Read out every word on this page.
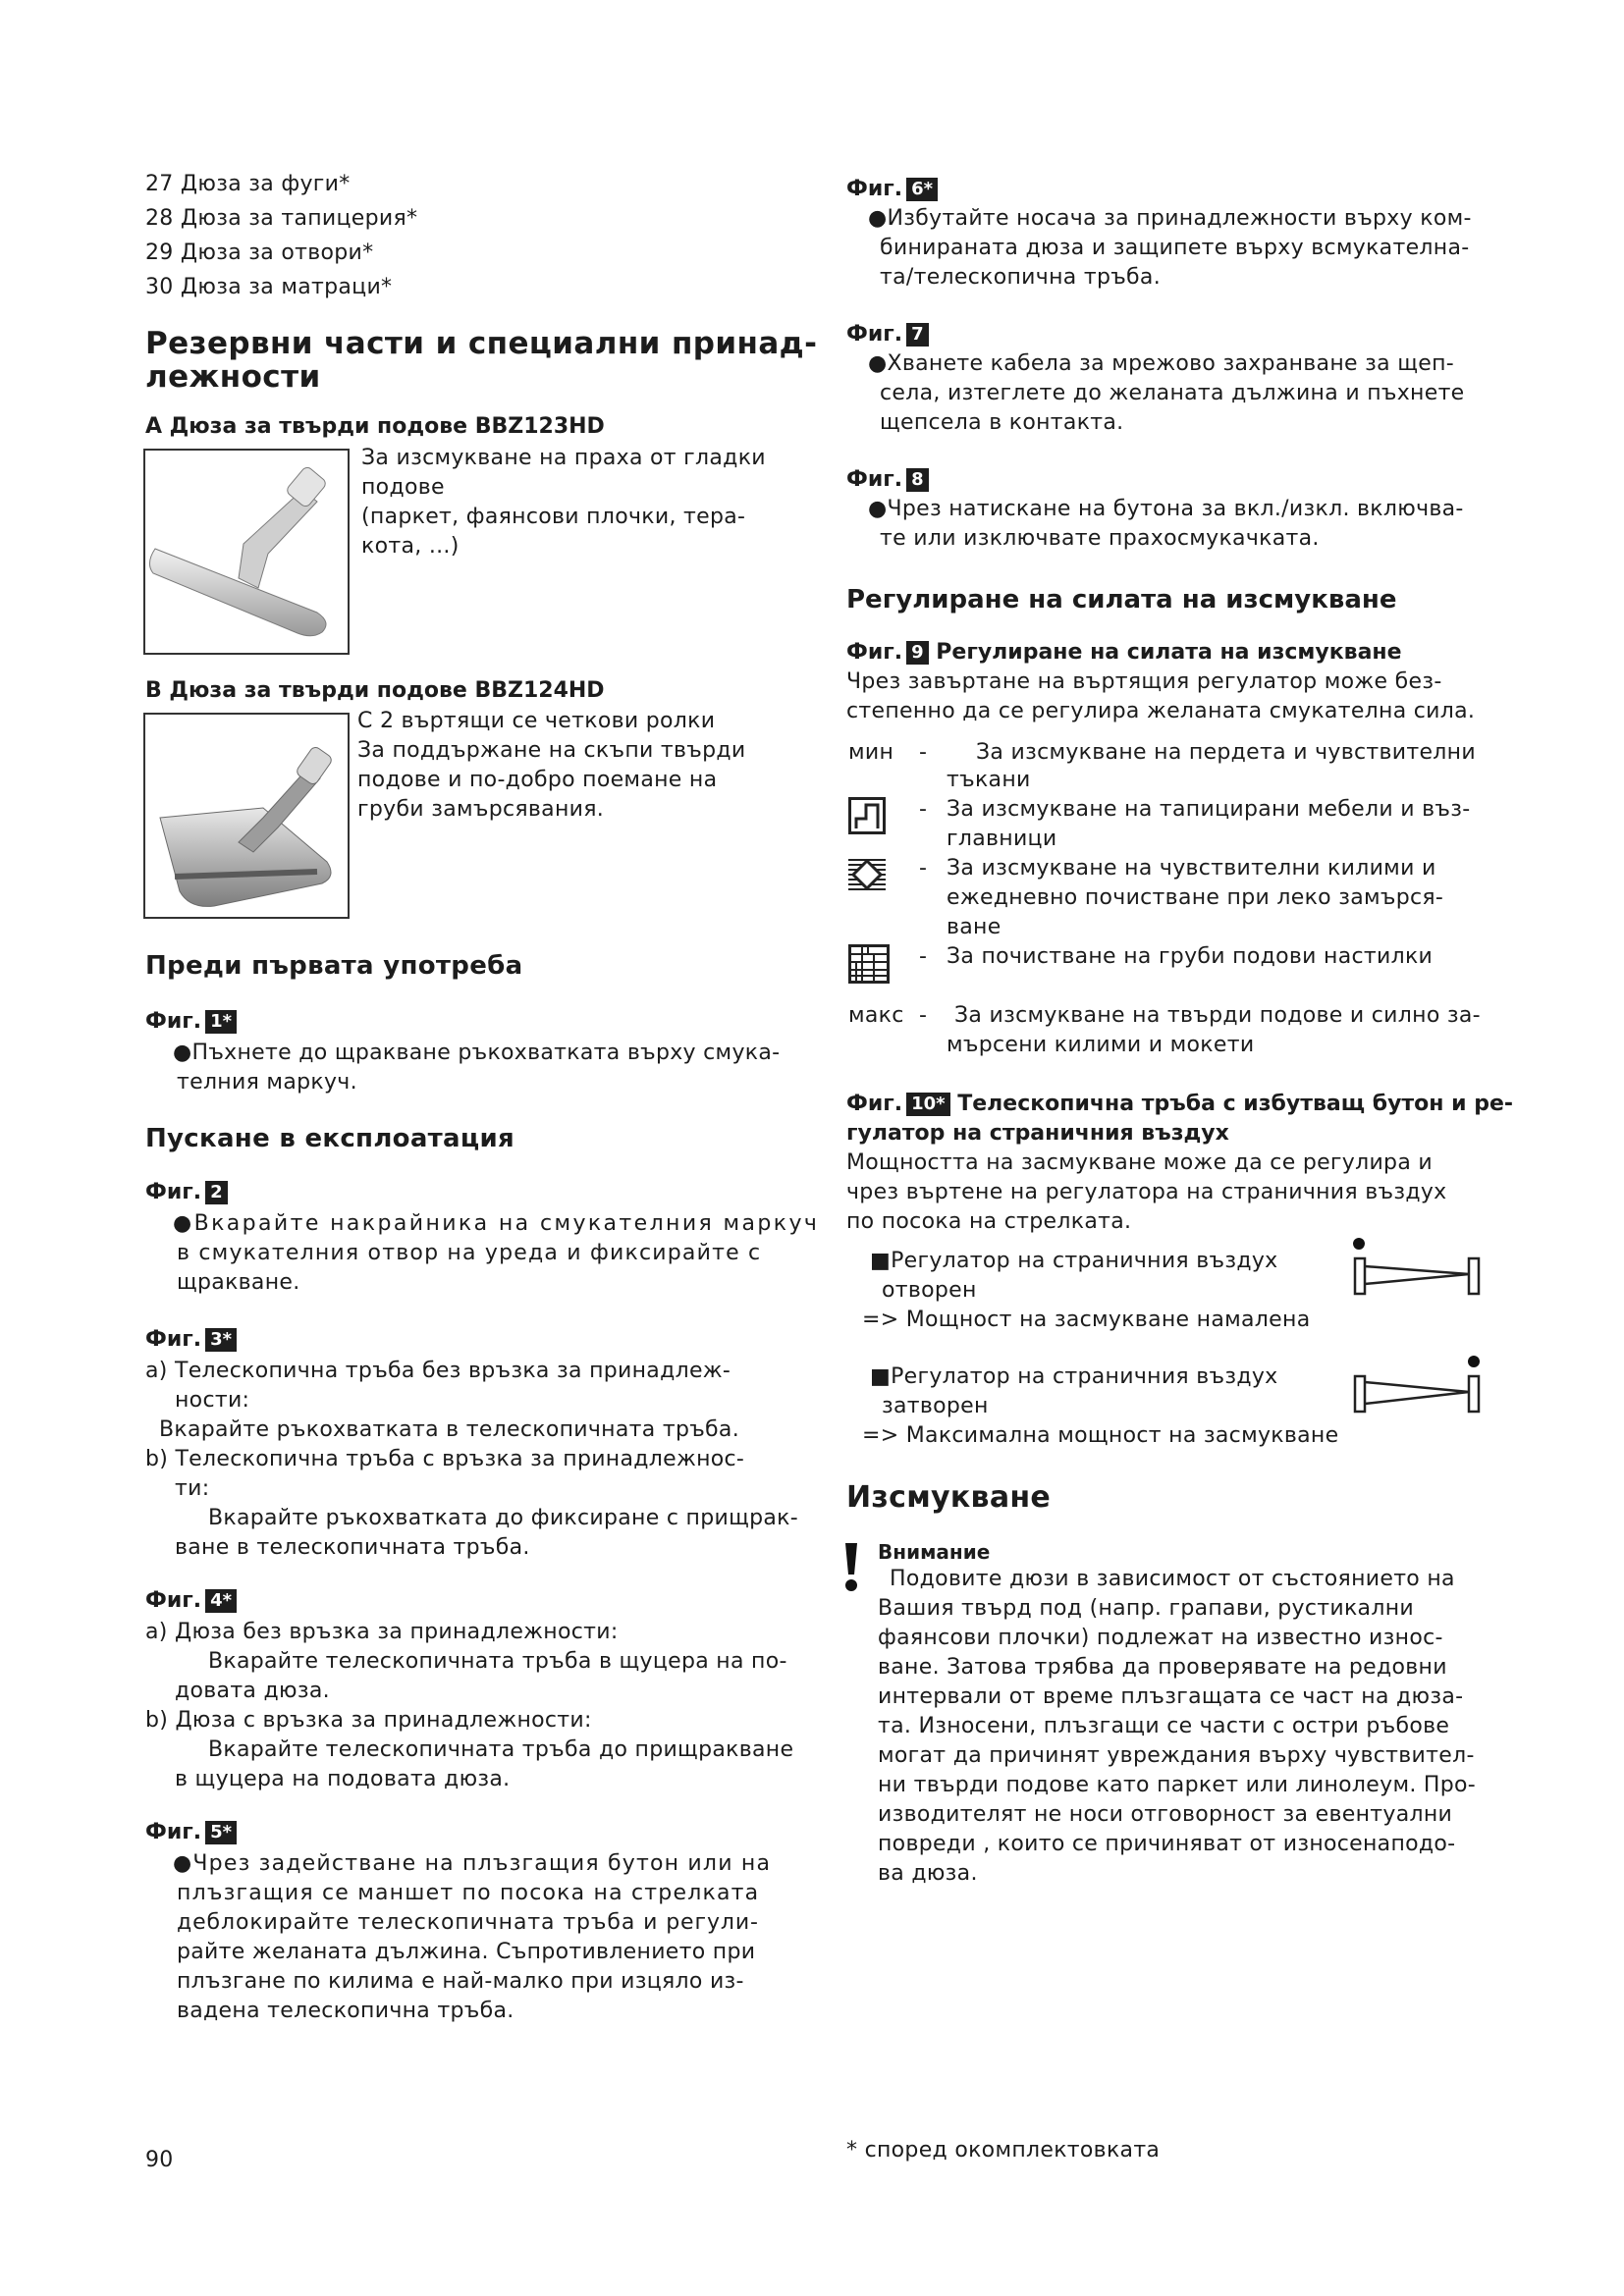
27 Дюза за фуги*

28 Дюза за тапицерия*

29 Дюза за отвори*

30 Дюза за матраци*

Резервни части и специални принад-

лежности

A Дюза за твърди подове BBZ123HD

За изсмукване на праха от гладки

подове

(паркет, фаянсови плочки, тера-

кота, ...)

B Дюза за твърди подове BBZ124HD

С 2 въртящи се четкови ролки

За поддържане на скъпи твърди

подове и по-добро поемане на

груби замърсявания.

Преди първата употреба

Фиг. 1*

●Пъхнете до щракване ръкохватката върху смука-

телния маркуч.

Пускане в експлоатация

Фиг. 2

●Вкарайте накрайника на смукателния маркуч

в смукателния отвор на уреда и фиксирайте с

щракване.

Фиг. 3*

a) Телескопична тръба без връзка за принадлеж-

ности:

Вкарайте ръкохватката в телескопичната тръба.

b) Телескопична тръба с връзка за принадлежнос-

ти:

Вкарайте ръкохватката до фиксиране с прищрак-

ване в телескопичната тръба.

Фиг. 4*

a) Дюза без връзка за принадлежности:

Вкарайте телескопичната тръба в щуцера на по-

довата дюза.

b) Дюза с връзка за принадлежности:

Вкарайте телескопичната тръба до прищракване

в щуцера на подовата дюза.

Фиг. 5*

●Чрез задействане на плъзгащия бутон или на

плъзгащия се маншет по посока на стрелката

деблокирайте телескопичната тръба и регули-

райте желаната дължина. Съпротивлението при

плъзгане по килима е най-малко при изцяло из-

вадена телескопична тръба.

90

Фиг. 6*

●Избутайте носача за принадлежности върху ком-

бинираната дюза и защипете върху всмукателна-

та/телескопична тръба.

Фиг. 7

●Хванете кабела за мрежово захранване за щеп-

села, изтеглете до желаната дължина и пъхнете

щепсела в контакта.

Фиг. 8

●Чрез натискане на бутона за вкл./изкл. включва-

те или изключвате прахосмукачката.

Регулиране на силата на изсмукване

Фиг. 9 Регулиране на силата на изсмукване

Чрез завъртане на въртящия регулатор може без-

степенно да се регулира желаната смукателна сила.

мин -	За изсмукване на пердета и чувствителни

тъкани

- За изсмукване на тапицирани мебели и въз-

главници

- За изсмукване на чувствителни килими и

ежедневно почистване при леко замърся-

ване

- За почистване на груби подови настилки

макс -	За изсмукване на твърди подове и силно за-

мърсени килими и мокети

Фиг. 10* Телескопична тръба с избутващ бутон и ре-

гулатор на страничния въздух

Мощността на засмукване може да се регулира и

чрез въртене на регулатора на страничния въздух

по посока на стрелката.

■Регулатор на страничния въздух

отворен

=> Мощност на засмукване намалена

■Регулатор на страничния въздух

затворен

=> Максимална мощност на засмукване

Изсмукване

Внимание

Подовите дюзи в зависимост от състоянието на

Вашия твърд под (напр. грапави, рустикални

фаянсови плочки) подлежат на известно износ-

ване. Затова трябва да проверявате на редовни

интервали от време плъзгащата се част на дюза-

та. Износени, плъзгащи се части с остри ръбове

могат да причинят увреждания върху чувствител-

ни твърди подове като паркет или линолеум. Про-

изводителят не носи отговорност за евентуални

повреди , които се причиняват от износенаподо-

ва дюза.

* според окомплектовката
